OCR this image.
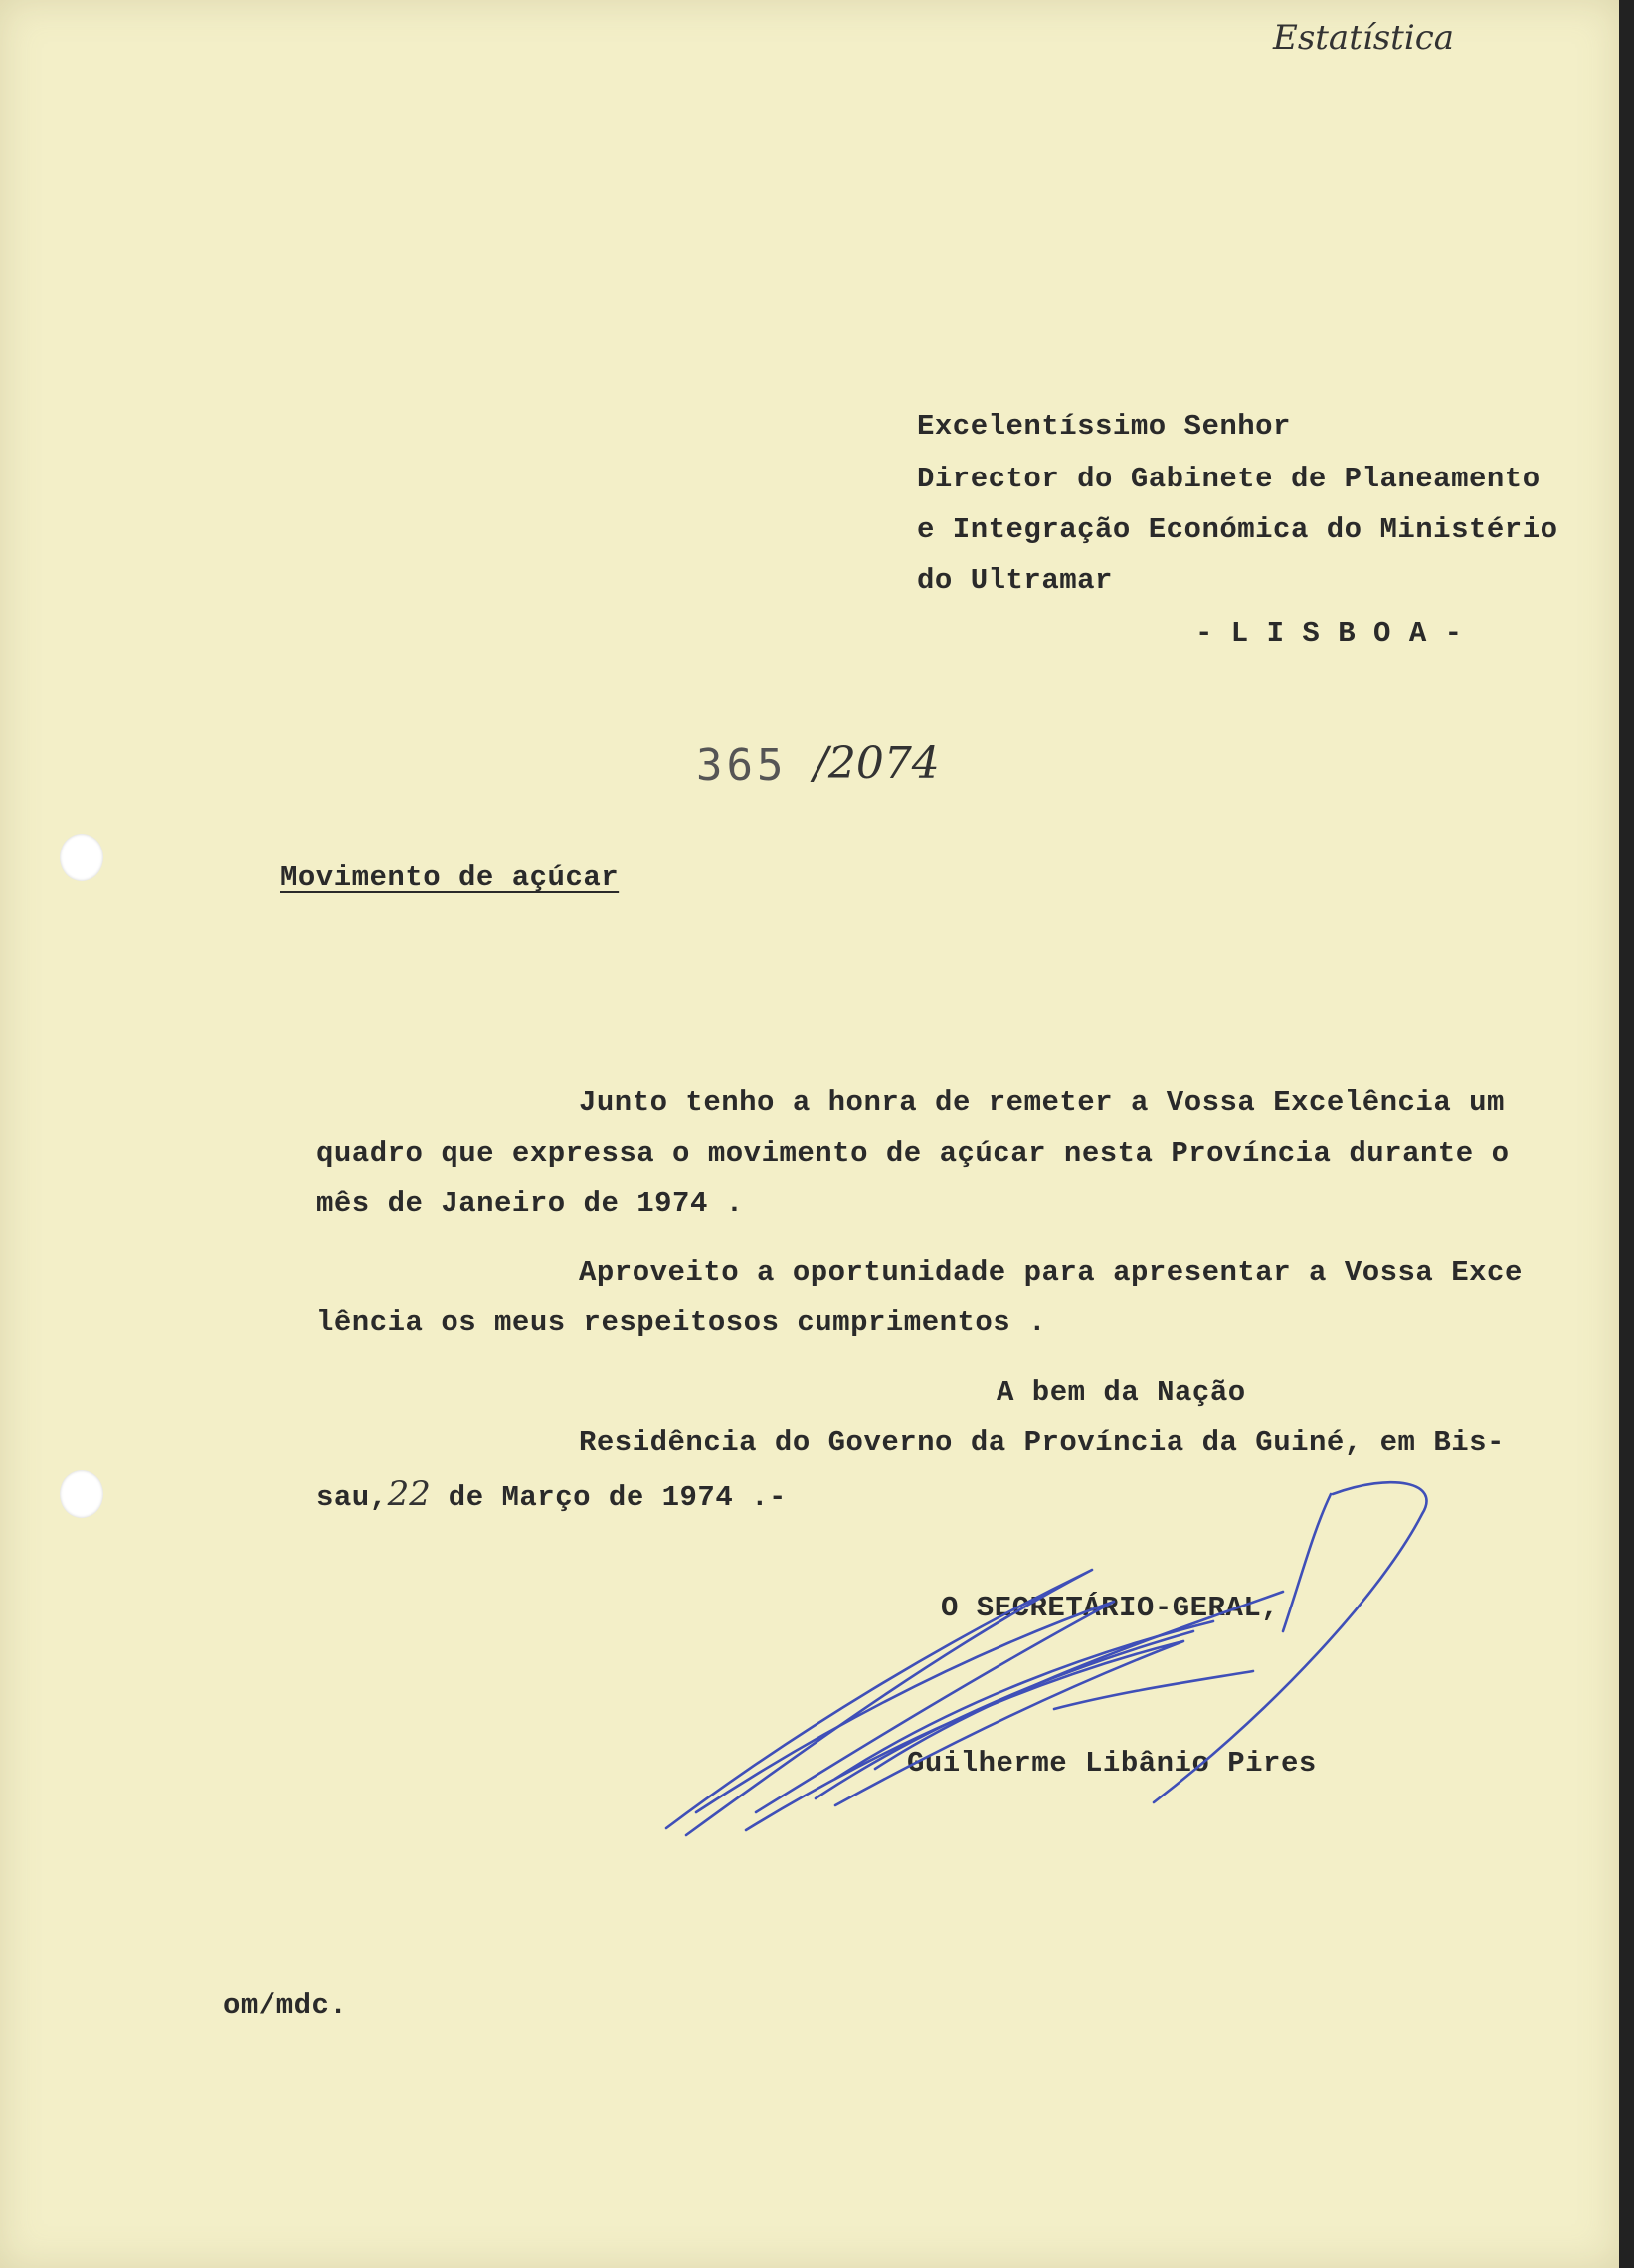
Estatística
Excelentíssimo Senhor
Director do Gabinete de Planeamento
e Integração Económica do Ministério
do Ultramar
- L I S B O A -
365 /2074
Movimento de açúcar
Junto tenho a honra de remeter a Vossa Excelência um
quadro que expressa o movimento de açúcar nesta Província durante o
mês de Janeiro de 1974 .
Aproveito a oportunidade para apresentar a Vossa Exce
lência os meus respeitosos cumprimentos .
A bem da Nação
Residência do Governo da Província da Guiné, em Bis-
sau,22 de Março de 1974 .-
O SECRETÁRIO-GERAL,
Guilherme Libânio Pires
om/mdc.
